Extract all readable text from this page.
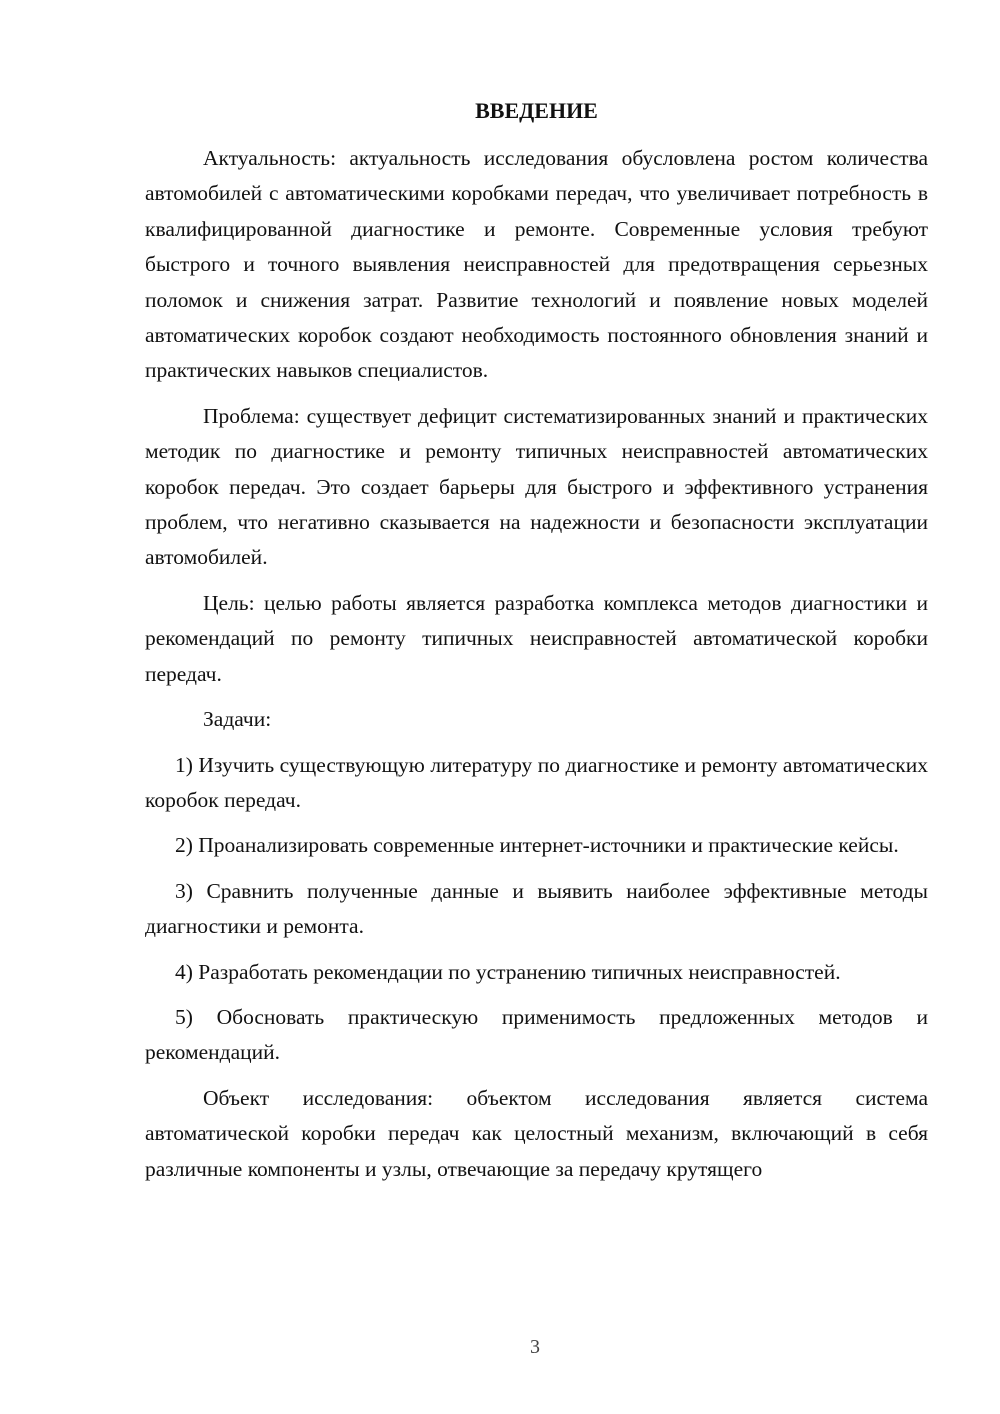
ВВЕДЕНИЕ

Актуальность: актуальность исследования обусловлена ростом количества автомобилей с автоматическими коробками передач, что увеличивает потребность в квалифицированной диагностике и ремонте. Современные условия требуют быстрого и точного выявления неисправностей для предотвращения серьезных поломок и снижения затрат. Развитие технологий и появление новых моделей автоматических коробок создают необходимость постоянного обновления знаний и практических навыков специалистов.

Проблема: существует дефицит систематизированных знаний и практических методик по диагностике и ремонту типичных неисправностей автоматических коробок передач. Это создает барьеры для быстрого и эффективного устранения проблем, что негативно сказывается на надежности и безопасности эксплуатации автомобилей.

Цель: целью работы является разработка комплекса методов диагностики и рекомендаций по ремонту типичных неисправностей автоматической коробки передач.

Задачи:

1) Изучить существующую литературу по диагностике и ремонту автоматических коробок передач.

2) Проанализировать современные интернет-источники и практические кейсы.

3) Сравнить полученные данные и выявить наиболее эффективные методы диагностики и ремонта.

4) Разработать рекомендации по устранению типичных неисправностей.

5) Обосновать практическую применимость предложенных методов и рекомендаций.

Объект исследования: объектом исследования является система автоматической коробки передач как целостный механизм, включающий в себя различные компоненты и узлы, отвечающие за передачу крутящего

3
